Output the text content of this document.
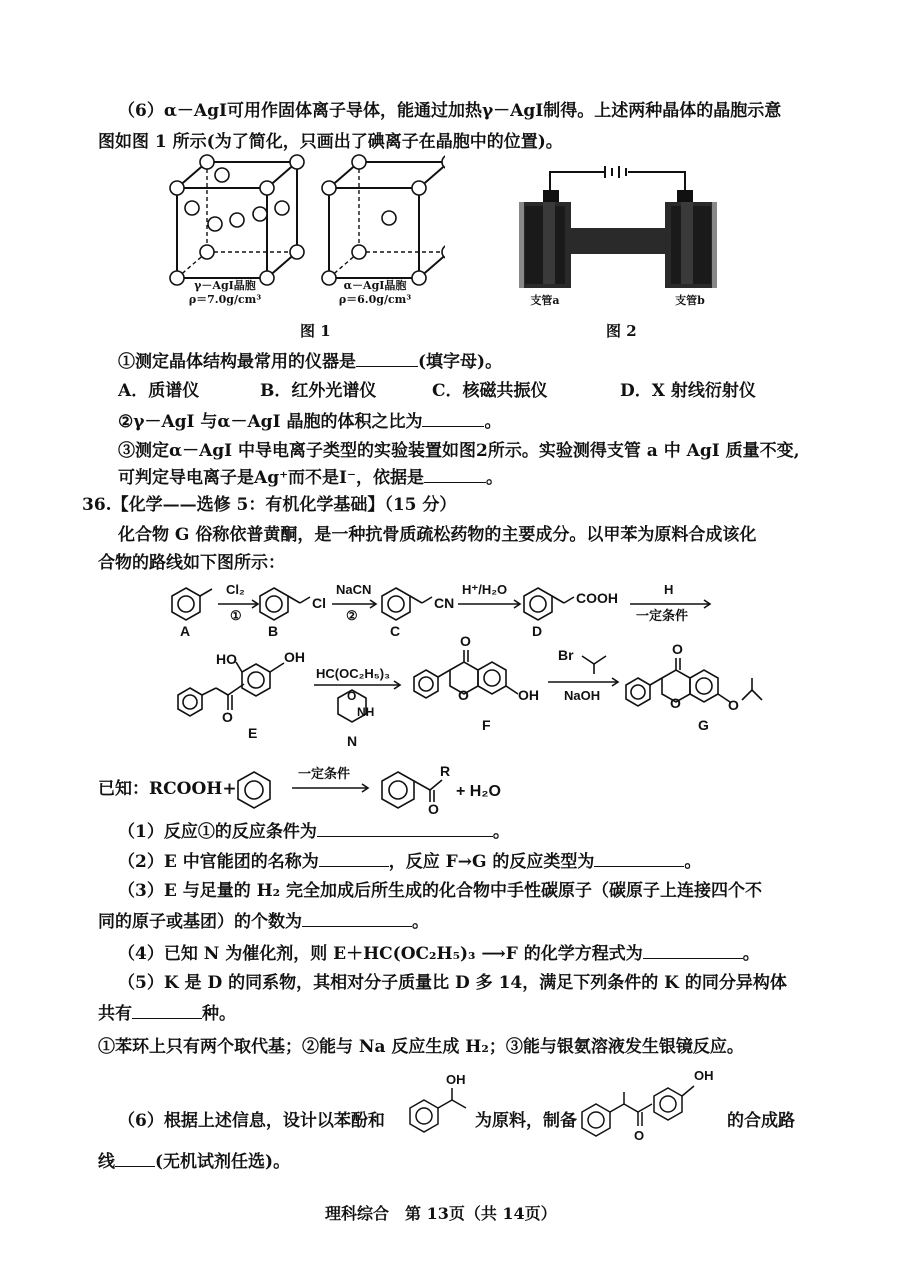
（6）α－AgI可用作固体离子导体，能通过加热γ－AgI制得。上述两种晶体的晶胞示意
图如图 1 所示(为了简化，只画出了碘离子在晶胞中的位置)。
γ－AgI晶胞
ρ＝7.0g/cm³
α－AgI晶胞
ρ＝6.0g/cm³	支管a	支管b
图 1	图 2
①测定晶体结构最常用的仪器是	(填字母)。
A．质谱仪	B．红外光谱仪	C．核磁共振仪	D．X 射线衍射仪
②γ－AgI 与α－AgI 晶胞的体积之比为	。
③测定α－AgI 中导电离子类型的实验装置如图2所示。实验测得支管 a 中 AgI 质量不变,
可判定导电离子是Ag⁺而不是I⁻，依据是	。
36.【化学——选修 5：有机化学基础】（15 分）
化合物 G 俗称依普黄酮，是一种抗骨质疏松药物的主要成分。以甲苯为原料合成该化
合物的路线如下图所示：
A	B	C	D
E	F	G
N
Cl	CN	COOH
HO	OH
O	NH
O
O
O	OH
O
O	O
Br
Cl₂
①
NaCN
②
H⁺/H₂O	H
一定条件
HC(OC₂H₅)₃
NaOH
已知：RCOOH+
一定条件	R
O
+ H₂O
（1）反应①的反应条件为	。
（2）E 中官能团的名称为	，反应 F→G 的反应类型为	。
（3）E 与足量的 H₂ 完全加成后所生成的化合物中手性碳原子（碳原子上连接四个不
同的原子或基团）的个数为	。
（4）已知 N 为催化剂，则 E＋HC(OC₂H₅)₃ ⟶F 的化学方程式为	。
（5）K 是 D 的同系物，其相对分子质量比 D 多 14，满足下列条件的 K 的同分异构体
共有	种。
①苯环上只有两个取代基；②能与 Na 反应生成 H₂；③能与银氨溶液发生银镜反应。
（6）根据上述信息，设计以苯酚和
OH
为原料，制备
OH
O
的合成路
线 (无机试剂任选)。
理科综合　第 13页（共 14页）
